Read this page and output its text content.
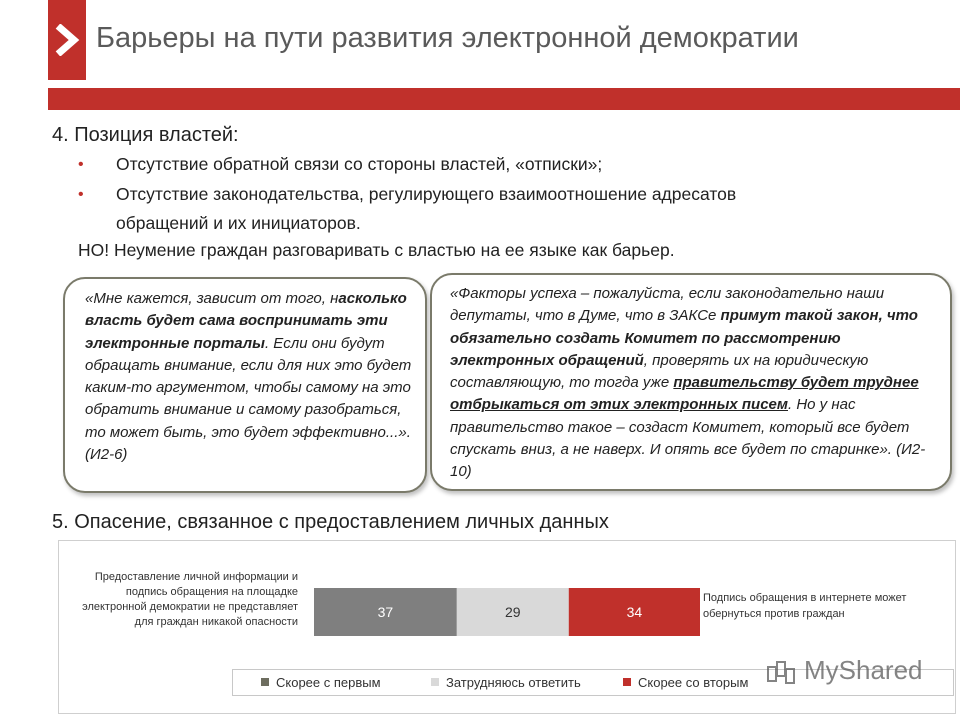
Барьеры на пути развития электронной демократии
4. Позиция властей:
• Отсутствие обратной связи со стороны властей, «отписки»;
• Отсутствие законодательства, регулирующего взаимоотношение адресатов
обращений и их инициаторов.
НО! Неумение граждан разговаривать с властью на ее языке как барьер.
«Мне кажется, зависит от того, насколько власть будет сама воспринимать эти электронные порталы. Если они будут обращать внимание, если для них это будет каким-то аргументом, чтобы самому на это обратить внимание и самому разобраться, то может быть, это будет эффективно...». (И2-6)
«Факторы успеха – пожалуйста, если законодательно наши депутаты, что в Думе, что в ЗАКСе примут такой закон, что обязательно создать Комитет по рассмотрению электронных обращений, проверять их на юридическую составляющую, то тогда уже правительству будет труднее отбрыкаться от этих электронных писем. Но у нас правительство такое – создаст Комитет, который все будет спускать вниз, а не наверх. И опять все будет по старинке». (И2-10)
5. Опасение, связанное с предоставлением личных данных
Предоставление личной информации и подпись обращения на площадке электронной демократии не представляет для граждан никакой опасности
Подпись обращения в интернете может обернуться против граждан
37	29	34
Скорее с первым	Затрудняюсь ответить	Скорее со вторым	MyShared
